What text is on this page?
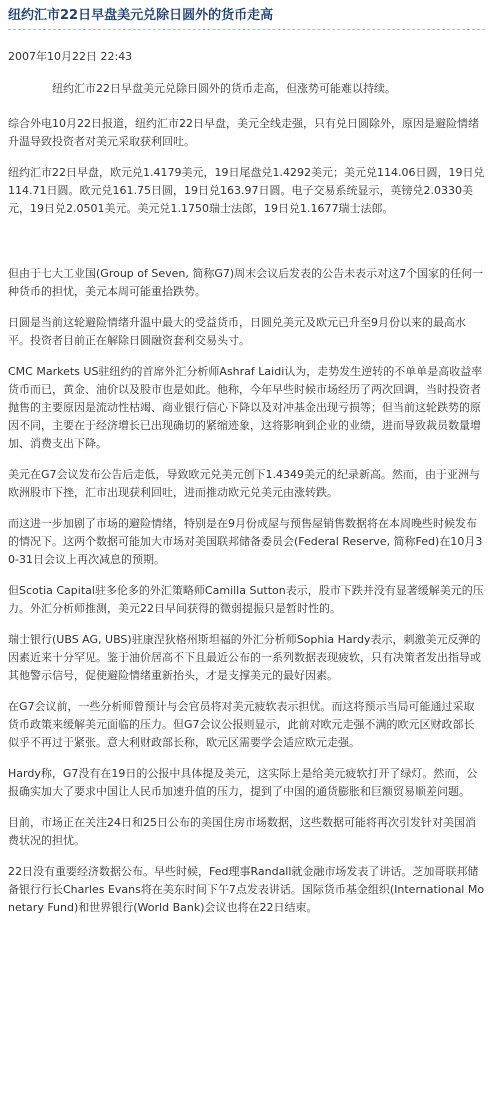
纽约汇市22日早盘美元兑除日圆外的货币走高
2007年10月22日 22:43
纽约汇市22日早盘美元兑除日圆外的货币走高，但涨势可能难以持续。

综合外电10月22日报道，纽约汇市22日早盘，美元全线走强，只有兑日圆除外，原因是避险情绪升温导致投资者对美元采取获利回吐。

纽约汇市22日早盘，欧元兑1.4179美元，19日尾盘兑1.4292美元；美元兑114.06日圆，19日兑114.71日圆。欧元兑161.75日圆，19日兑163.97日圆。电子交易系统显示，英镑兑2.0330美元，19日兑2.0501美元。美元兑1.1750瑞士法郎，19日兑1.1677瑞士法郎。

但由于七大工业国(Group of Seven, 简称G7)周末会议后发表的公告未表示对这7个国家的任何一种货币的担忧，美元本周可能重拾跌势。

日圆是当前这轮避险情绪升温中最大的受益货币，日圆兑美元及欧元已升至9月份以来的最高水平。投资者目前正在解除日圆融资套利交易头寸。

CMC Markets US驻纽约的首席外汇分析师Ashraf Laidi认为，走势发生逆转的不单单是高收益率货币而已，黄金、油价以及股市也是如此。他称，今年早些时候市场经历了两次回调，当时投资者抛售的主要原因是流动性枯竭、商业银行信心下降以及对冲基金出现亏损等；但当前这轮跌势的原因不同，主要在于经济增长已出现确切的紧缩迹象，这将影响到企业的业绩，进而导致裁员数量增加、消费支出下降。

美元在G7会议发布公告后走低，导致欧元兑美元创下1.4349美元的纪录新高。然而，由于亚洲与欧洲股市下挫，汇市出现获利回吐，进而推动欧元兑美元由涨转跌。

而这进一步加剧了市场的避险情绪，特别是在9月份成屋与预售屋销售数据将在本周晚些时候发布的情况下。这两个数据可能加大市场对美国联邦储备委员会(Federal Reserve, 简称Fed)在10月30-31日会议上再次减息的预期。

但Scotia Capital驻多伦多的外汇策略师Camilla Sutton表示，股市下跌并没有显著缓解美元的压力。外汇分析师推测，美元22日早间获得的微弱提振只是暂时性的。

瑞士银行(UBS AG, UBS)驻康涅狄格州斯坦福的外汇分析师Sophia Hardy表示，刺激美元反弹的因素近来十分罕见。鉴于油价居高不下且最近公布的一系列数据表现疲软，只有决策者发出指导或其他警示信号，促使避险情绪重新抬头，才是支撑美元的最好因素。

在G7会议前，一些分析师曾预计与会官员将对美元疲软表示担忧。而这将预示当局可能通过采取货币政策来缓解美元面临的压力。但G7会议公报则显示，此前对欧元走强不满的欧元区财政部长似乎不再过于紧张。意大利财政部长称，欧元区需要学会适应欧元走强。

Hardy称，G7没有在19日的公报中具体提及美元，这实际上是给美元疲软打开了绿灯。然而，公报确实加大了要求中国让人民币加速升值的压力，提到了中国的通货膨胀和巨额贸易顺差问题。

目前，市场正在关注24日和25日公布的美国住房市场数据，这些数据可能将再次引发针对美国消费状况的担忧。

22日没有重要经济数据公布。早些时候，Fed理事Randall就金融市场发表了讲话。芝加哥联邦储备银行行长Charles Evans将在美东时间下午7点发表讲话。国际货币基金组织(International Monetary Fund)和世界银行(World Bank)会议也将在22日结束。
